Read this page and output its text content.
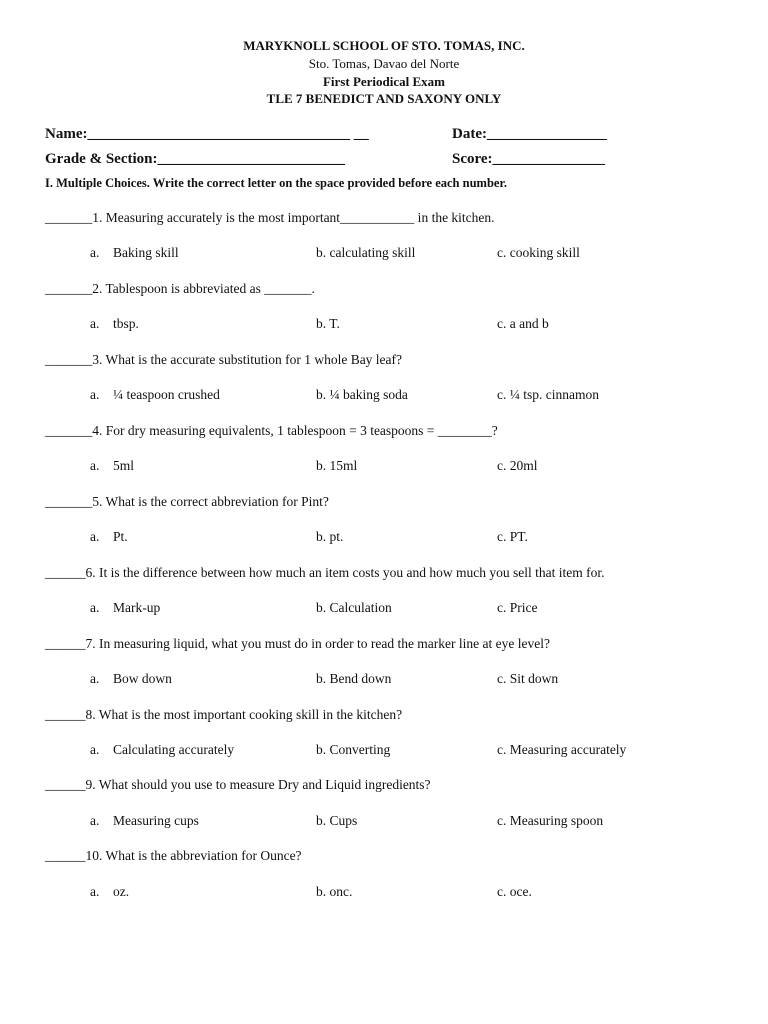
MARYKNOLL SCHOOL OF STO. TOMAS, INC.
Sto. Tomas, Davao del Norte
First Periodical Exam
TLE 7 BENEDICT AND SAXONY ONLY
Name:___________________________________ __	Date:________________
Grade & Section:_________________________	Score:_______________
I. Multiple Choices. Write the correct letter on the space provided before each number.
_______1. Measuring accurately is the most important___________ in the kitchen.
a. Baking skill	b. calculating skill	c. cooking skill
_______2. Tablespoon is abbreviated as _______.
a. tbsp.	b. T.	c. a and b
_______3. What is the accurate substitution for 1 whole Bay leaf?
a. ¼ teaspoon crushed	b. ¼ baking soda	c. ¼ tsp. cinnamon
_______4. For dry measuring equivalents, 1 tablespoon = 3 teaspoons = ________?
a. 5ml	b. 15ml	c. 20ml
_______5. What is the correct abbreviation for Pint?
a. Pt.	b. pt.	c. PT.
______6. It is the difference between how much an item costs you and how much you sell that item for.
a. Mark-up	b. Calculation	c. Price
______7. In measuring liquid, what you must do in order to read the marker line at eye level?
a. Bow down	b. Bend down	c. Sit down
______8. What is the most important cooking skill in the kitchen?
a. Calculating accurately	b. Converting	c. Measuring accurately
______9. What should you use to measure Dry and Liquid ingredients?
a. Measuring cups	b. Cups	c. Measuring spoon
______10. What is the abbreviation for Ounce?
a. oz.	b. onc.	c. oce.
